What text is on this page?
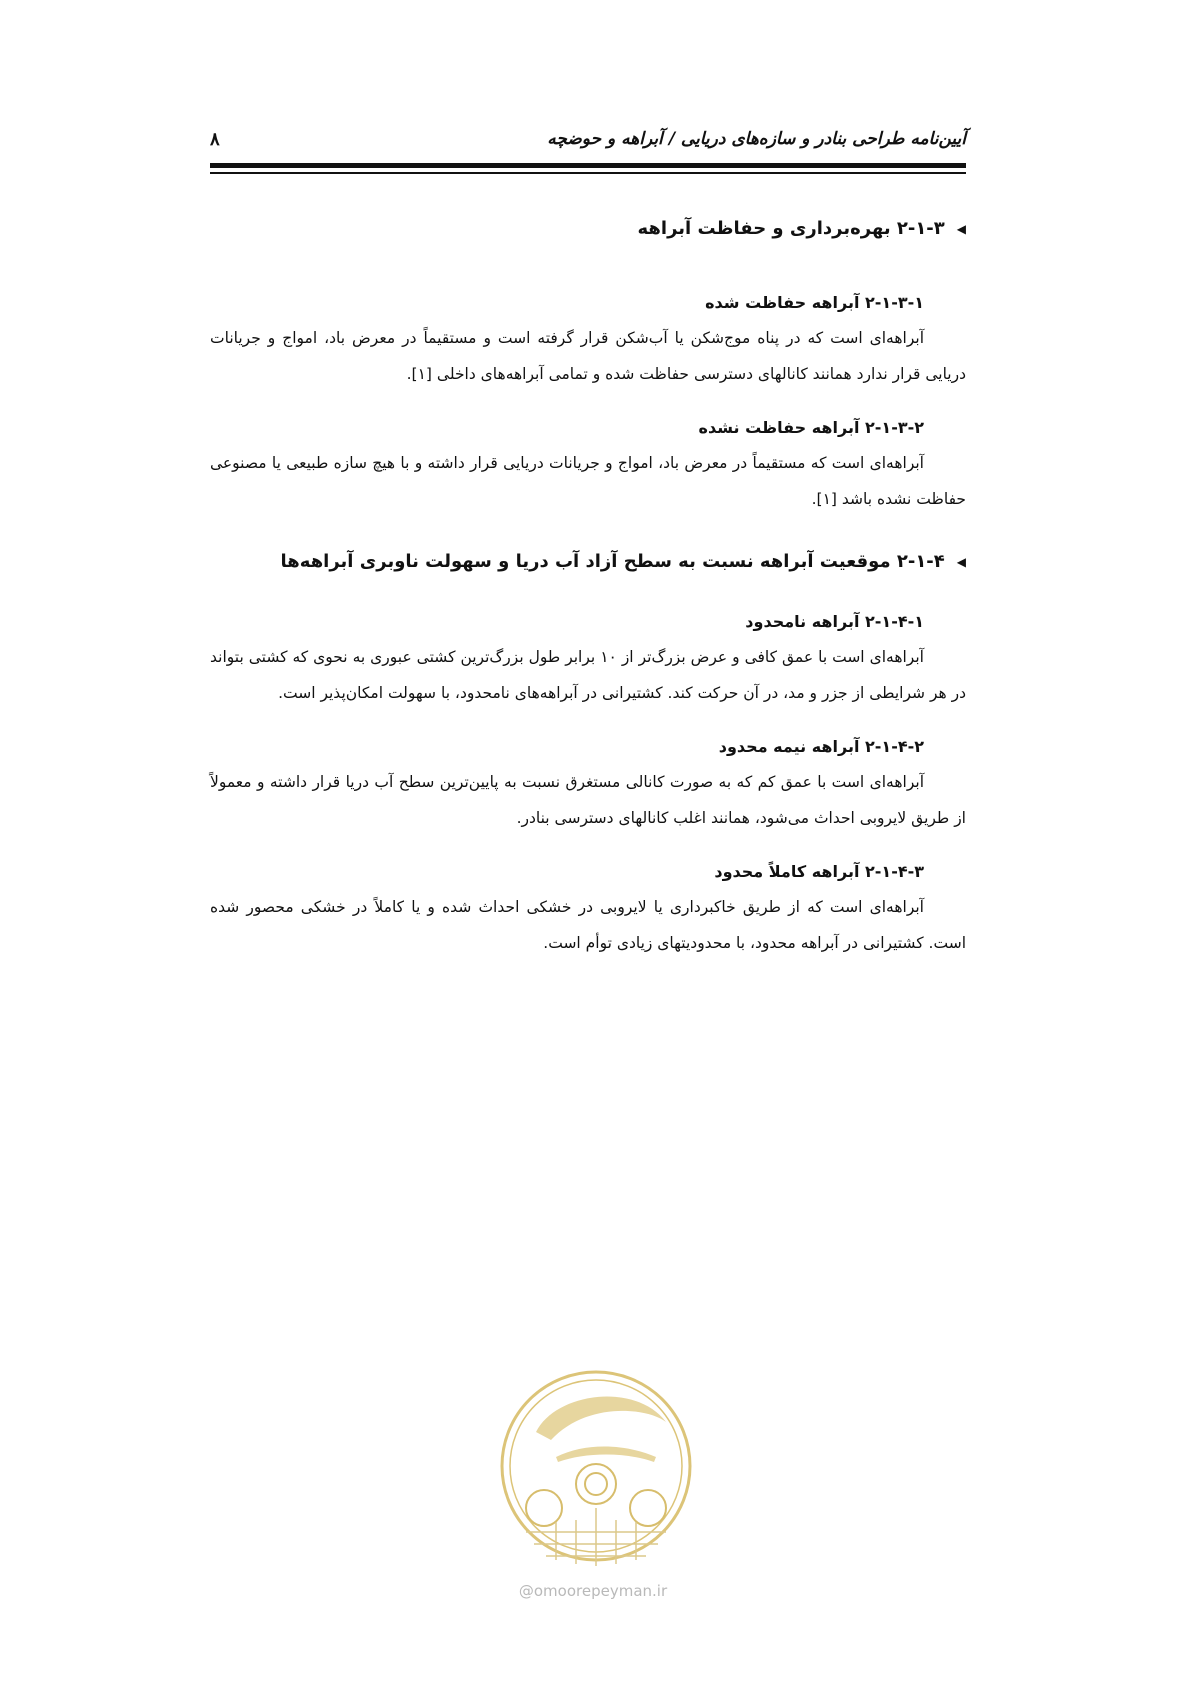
آیین‌نامه طراحی بنادر و سازه‌های دریایی / آبراهه و حوضچه
۸
◀
۲-۱-۳ بهره‌برداری و حفاظت آبراهه
۲-۱-۳-۱ آبراهه حفاظت شده

آبراهه‌ای است که در پناه موج‌شکن یا آب‌شکن قرار گرفته است و مستقیماً در معرض باد، امواج و جریانات دریایی قرار ندارد همانند کانالهای دسترسی حفاظت شده و تمامی آبراهه‌های داخلی [۱].

۲-۱-۳-۲ آبراهه حفاظت نشده

آبراهه‌ای است که مستقیماً در معرض باد، امواج و جریانات دریایی قرار داشته و با هیچ سازه طبیعی یا مصنوعی حفاظت نشده باشد [۱].

◀
۲-۱-۴ موقعیت آبراهه نسبت به سطح آزاد آب دریا و سهولت ناوبری آبراهه‌ها
۲-۱-۴-۱ آبراهه نامحدود

آبراهه‌ای است با عمق کافی و عرض بزرگ‌تر از ۱۰ برابر طول بزرگ‌ترین کشتی عبوری به نحوی که کشتی بتواند در هر شرایطی از جزر و مد، در آن حرکت کند. کشتیرانی در آبراهه‌های نامحدود، با سهولت امکان‌پذیر است.

۲-۱-۴-۲ آبراهه نیمه محدود

آبراهه‌ای است با عمق کم که به صورت کانالی مستغرق نسبت به پایین‌ترین سطح آب دریا قرار داشته و معمولاً از طریق لایروبی احداث می‌شود، همانند اغلب کانالهای دسترسی بنادر.

۲-۱-۴-۳ آبراهه کاملاً محدود

آبراهه‌ای است که از طریق خاکبرداری یا لایروبی در خشکی احداث شده و یا کاملاً در خشکی محصور شده است. کشتیرانی در آبراهه محدود، با محدودیتهای زیادی توأم است.

@omoorepeyman.ir
